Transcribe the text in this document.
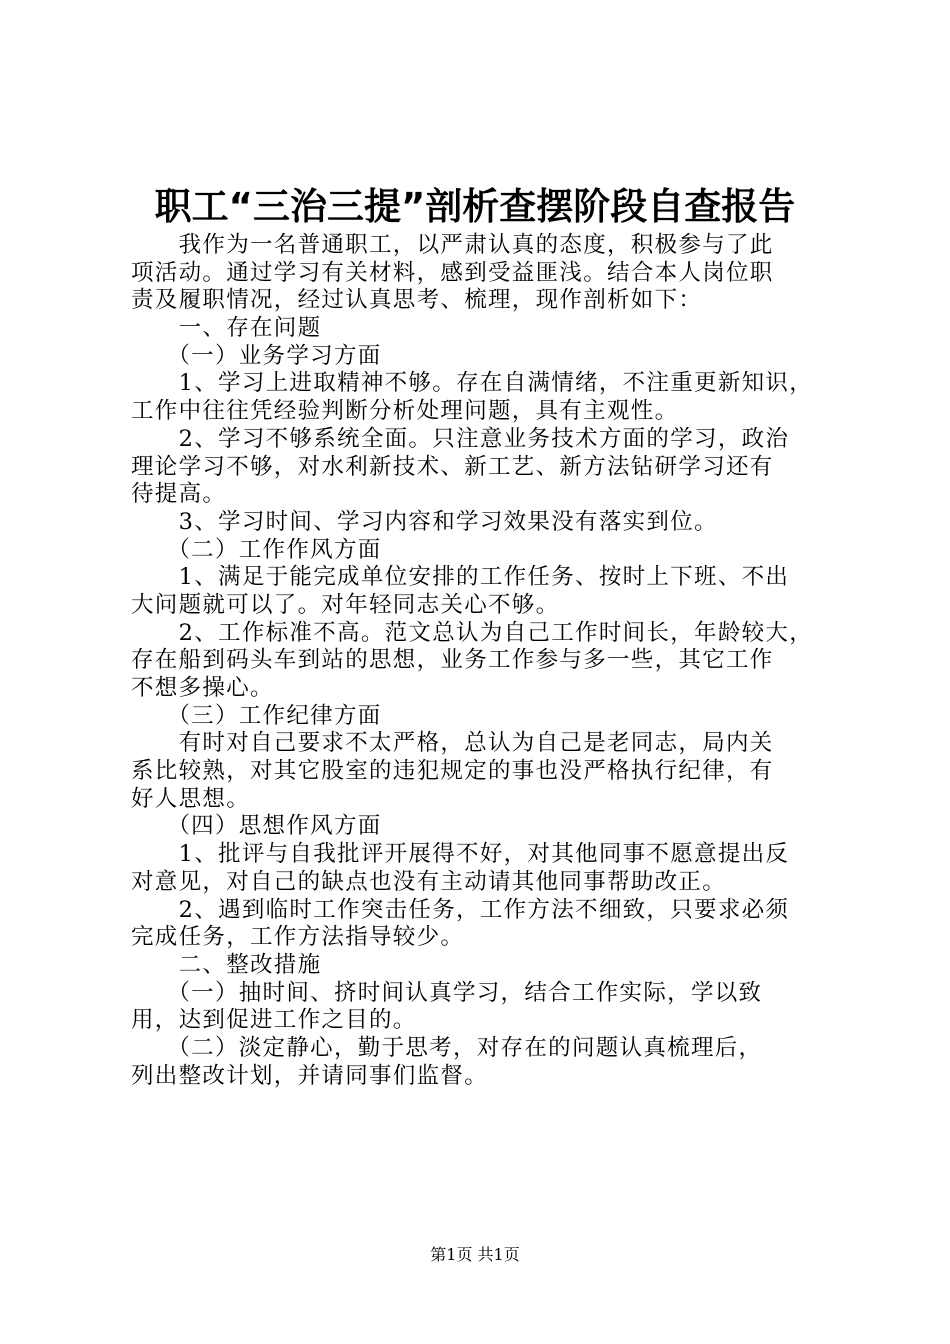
职工“三治三提”剖析查摆阶段自查报告
　　我作为一名普通职工，以严肃认真的态度，积极参与了此
项活动。通过学习有关材料，感到受益匪浅。结合本人岗位职
责及履职情况，经过认真思考、梳理，现作剖析如下：
　　一、存在问题
　　（一）业务学习方面
　　1、学习上进取精神不够。存在自满情绪，不注重更新知识，
工作中往往凭经验判断分析处理问题，具有主观性。
　　2、学习不够系统全面。只注意业务技术方面的学习，政治
理论学习不够，对水利新技术、新工艺、新方法钻研学习还有
待提高。
　　3、学习时间、学习内容和学习效果没有落实到位。
　　（二）工作作风方面
　　1、满足于能完成单位安排的工作任务、按时上下班、不出
大问题就可以了。对年轻同志关心不够。
　　2、工作标准不高。范文总认为自己工作时间长，年龄较大，
存在船到码头车到站的思想，业务工作参与多一些，其它工作
不想多操心。
　　（三）工作纪律方面
　　有时对自己要求不太严格，总认为自己是老同志，局内关
系比较熟，对其它股室的违犯规定的事也没严格执行纪律，有
好人思想。
　　（四）思想作风方面
　　1、批评与自我批评开展得不好，对其他同事不愿意提出反
对意见，对自己的缺点也没有主动请其他同事帮助改正。
　　2、遇到临时工作突击任务，工作方法不细致，只要求必须
完成任务，工作方法指导较少。
　　二、整改措施
　　（一）抽时间、挤时间认真学习，结合工作实际，学以致
用，达到促进工作之目的。
　　（二）淡定静心，勤于思考，对存在的问题认真梳理后，
列出整改计划，并请同事们监督。
第1页 共1页
